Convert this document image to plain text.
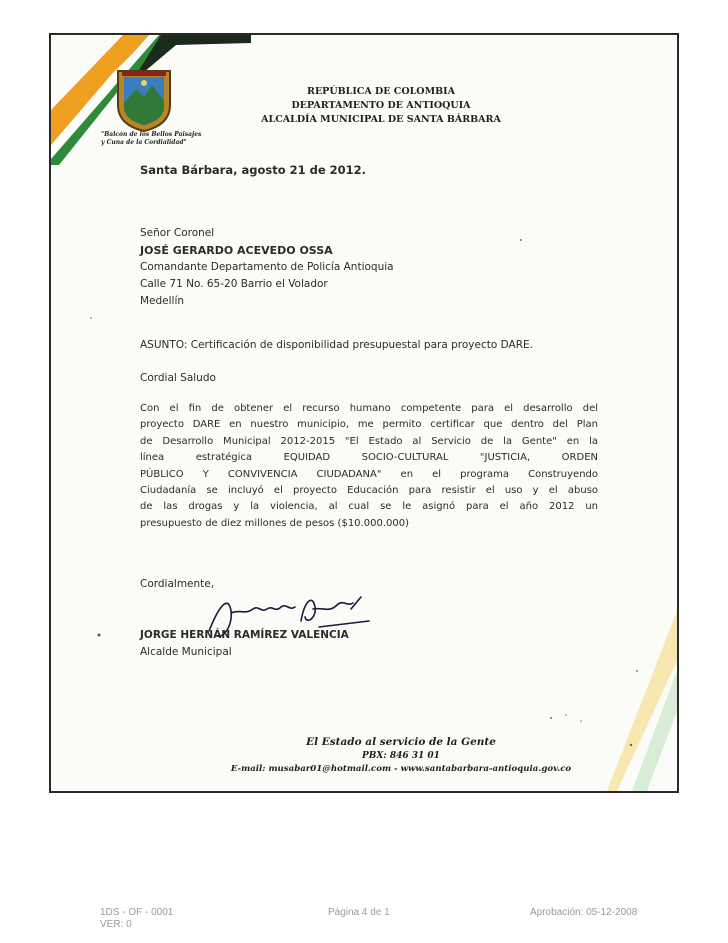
"Balcón de los Bellos Paisajes
y Cuna de la Cordialidad"
REPÚBLICA DE COLOMBIA
DEPARTAMENTO DE ANTIOQUIA
ALCALDÍA MUNICIPAL DE SANTA BÁRBARA
Santa Bárbara, agosto 21 de 2012.
Señor Coronel
JOSÉ GERARDO ACEVEDO OSSA
Comandante Departamento de Policía Antioquia
Calle 71 No. 65-20 Barrio el Volador
Medellín
ASUNTO: Certificación de disponibilidad presupuestal para proyecto DARE.
Cordial Saludo
Con el fin de obtener el recurso humano competente para el desarrollo del
proyecto DARE en nuestro municipio, me permito certificar que dentro del Plan
de Desarrollo Municipal 2012-2015 "El Estado al Servicio de la Gente" en la
línea estratégica EQUIDAD SOCIO-CULTURAL "JUSTICIA, ORDEN
PÚBLICO Y CONVIVENCIA CIUDADANA" en el programa Construyendo
Ciudadanía se incluyó el proyecto Educación para resistir el uso y el abuso
de las drogas y la violencia, al cual se le asignó para el año 2012 un
presupuesto de diez millones de pesos ($10.000.000)
Cordialmente,
JORGE HERNÁN RAMÍREZ VALENCIA
Alcalde Municipal
El Estado al servicio de la Gente
PBX: 846 31 01
E-mail: musabar01@hotmail.com - www.santabarbara-antioquia.gov.co
1DS - OF - 0001
VER: 0
Página 4 de 1	Aprobación: 05-12-2008
